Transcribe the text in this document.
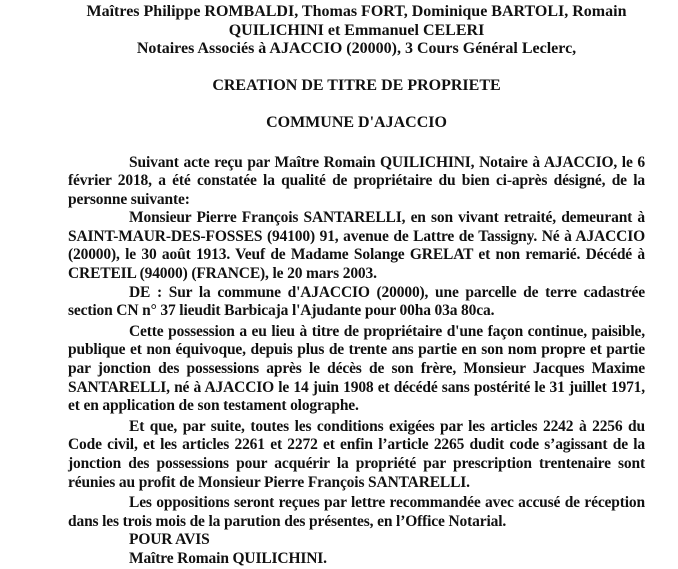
Maîtres Philippe ROMBALDI, Thomas FORT, Dominique BARTOLI, Romain
QUILICHINI et Emmanuel CELERI
Notaires Associés à AJACCIO (20000), 3 Cours Général Leclerc,
CREATION DE TITRE DE PROPRIETE
COMMUNE D'AJACCIO

Suivant acte reçu par Maître Romain QUILICHINI, Notaire à AJACCIO, le 6 février 2018, a été constatée la qualité de propriétaire du bien ci-après désigné, de la personne suivante:

Monsieur Pierre François SANTARELLI, en son vivant retraité, demeurant à SAINT-MAUR-DES-FOSSES (94100) 91, avenue de Lattre de Tassigny. Né à AJACCIO (20000), le 30 août 1913. Veuf de Madame Solange GRELAT et non remarié. Décédé à CRETEIL (94000) (FRANCE), le 20 mars 2003.

DE : Sur la commune d'AJACCIO (20000), une parcelle de terre cadastrée section CN n° 37 lieudit Barbicaja l'Ajudante pour 00ha 03a 80ca.

Cette possession a eu lieu à titre de propriétaire d'une façon continue, paisible, publique et non équivoque, depuis plus de trente ans partie en son nom propre et partie par jonction des possessions après le décès de son frère, Monsieur Jacques Maxime SANTARELLI, né à AJACCIO le 14 juin 1908 et décédé sans postérité le 31 juillet 1971, et en application de son testament olographe.

Et que, par suite, toutes les conditions exigées par les articles 2242 à 2256 du Code civil, et les articles 2261 et 2272 et enfin l’article 2265 dudit code s’agissant de la jonction des possessions pour acquérir la propriété par prescription trentenaire sont réunies au profit de Monsieur Pierre François SANTARELLI.

Les oppositions seront reçues par lettre recommandée avec accusé de réception dans les trois mois de la parution des présentes, en l’Office Notarial.

POUR AVIS

Maître Romain QUILICHINI.
